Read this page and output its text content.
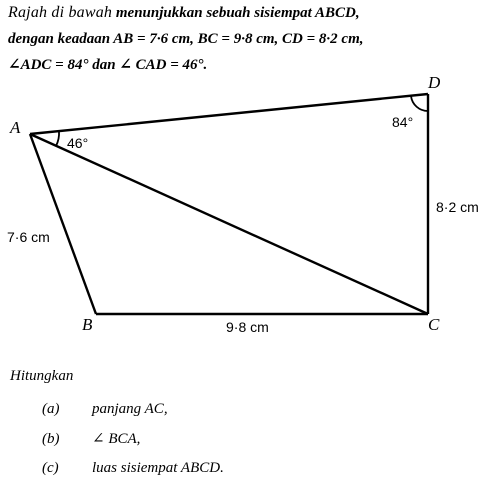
Rajah di bawah menunjukkan sebuah sisiempat ABCD,
dengan keadaan AB = 7·6 cm, BC = 9·8 cm, CD = 8·2 cm,
∠ADC = 84° dan ∠ CAD = 46°.
A
B	C
D
46°
84°
7·6 cm
9·8 cm
8·2 cm
Hitungkan
(a) panjang AC,
(b) ∠ BCA,
(c) luas sisiempat ABCD.
